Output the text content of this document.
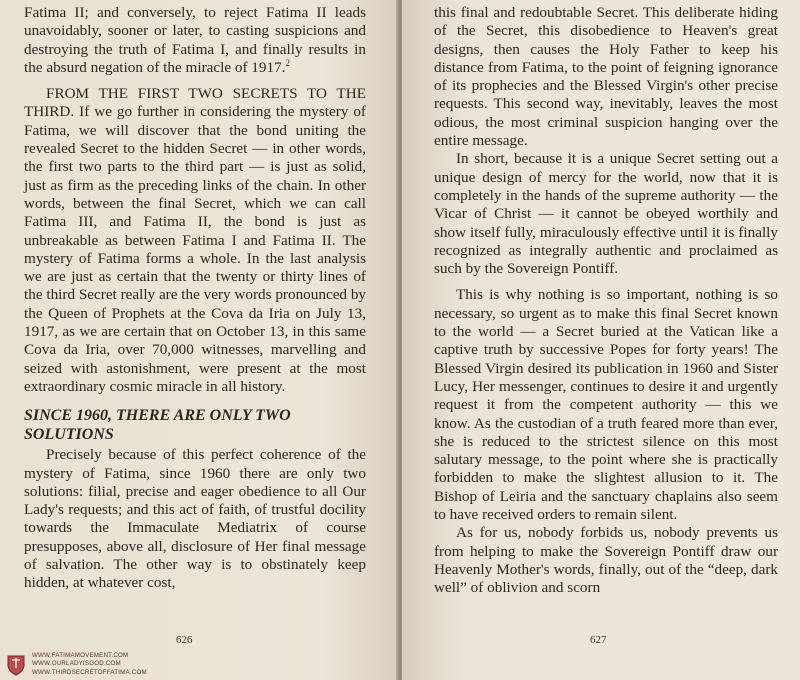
Fatima II; and conversely, to reject Fatima II leads unavoidably, sooner or later, to casting suspicions and destroying the truth of Fatima I, and finally results in the absurd negation of the miracle of 1917.$^2$

FROM THE FIRST TWO SECRETS TO THE THIRD. If we go further in considering the mystery of Fatima, we will discover that the bond uniting the revealed Secret to the hidden Secret — in other words, the first two parts to the third part — is just as solid, just as firm as the preceding links of the chain. In other words, between the final Secret, which we can call Fatima III, and Fatima II, the bond is just as unbreakable as between Fatima I and Fatima II. The mystery of Fatima forms a whole. In the last analysis we are just as certain that the twenty or thirty lines of the third Secret really are the very words pronounced by the Queen of Prophets at the Cova da Iria on July 13, 1917, as we are certain that on October 13, in this same Cova da Iria, over 70,000 witnesses, marvelling and seized with astonishment, were present at the most extraordinary cosmic miracle in all history.

SINCE 1960, THERE ARE ONLY TWO SOLUTIONS

Precisely because of this perfect coherence of the mystery of Fatima, since 1960 there are only two solutions: filial, precise and eager obedience to all Our Lady's requests; and this act of faith, of trustful docility towards the Immaculate Mediatrix of course presupposes, above all, disclosure of Her final message of salvation. The other way is to obstinately keep hidden, at whatever cost,

626
WWW.FATIMAMOVEMENT.COM
WWW.OURLADYISGOD.COM
WWW.THIRDSECRETOFFATIMA.COM

this final and redoubtable Secret. This deliberate hiding of the Secret, this disobedience to Heaven's great designs, then causes the Holy Father to keep his distance from Fatima, to the point of feigning ignorance of its prophecies and the Blessed Virgin's other precise requests. This second way, inevitably, leaves the most odious, the most criminal suspicion hanging over the entire message.

In short, because it is a unique Secret setting out a unique design of mercy for the world, now that it is completely in the hands of the supreme authority — the Vicar of Christ — it cannot be obeyed worthily and show itself fully, miraculously effective until it is finally recognized as integrally authentic and proclaimed as such by the Sovereign Pontiff.

This is why nothing is so important, nothing is so necessary, so urgent as to make this final Secret known to the world — a Secret buried at the Vatican like a captive truth by successive Popes for forty years! The Blessed Virgin desired its publication in 1960 and Sister Lucy, Her messenger, continues to desire it and urgently request it from the competent authority — this we know. As the custodian of a truth feared more than ever, she is reduced to the strictest silence on this most salutary message, to the point where she is practically forbidden to make the slightest allusion to it. The Bishop of Leiria and the sanctuary chaplains also seem to have received orders to remain silent.

As for us, nobody forbids us, nobody prevents us from helping to make the Sovereign Pontiff draw our Heavenly Mother's words, finally, out of the “deep, dark well” of oblivion and scorn

627
